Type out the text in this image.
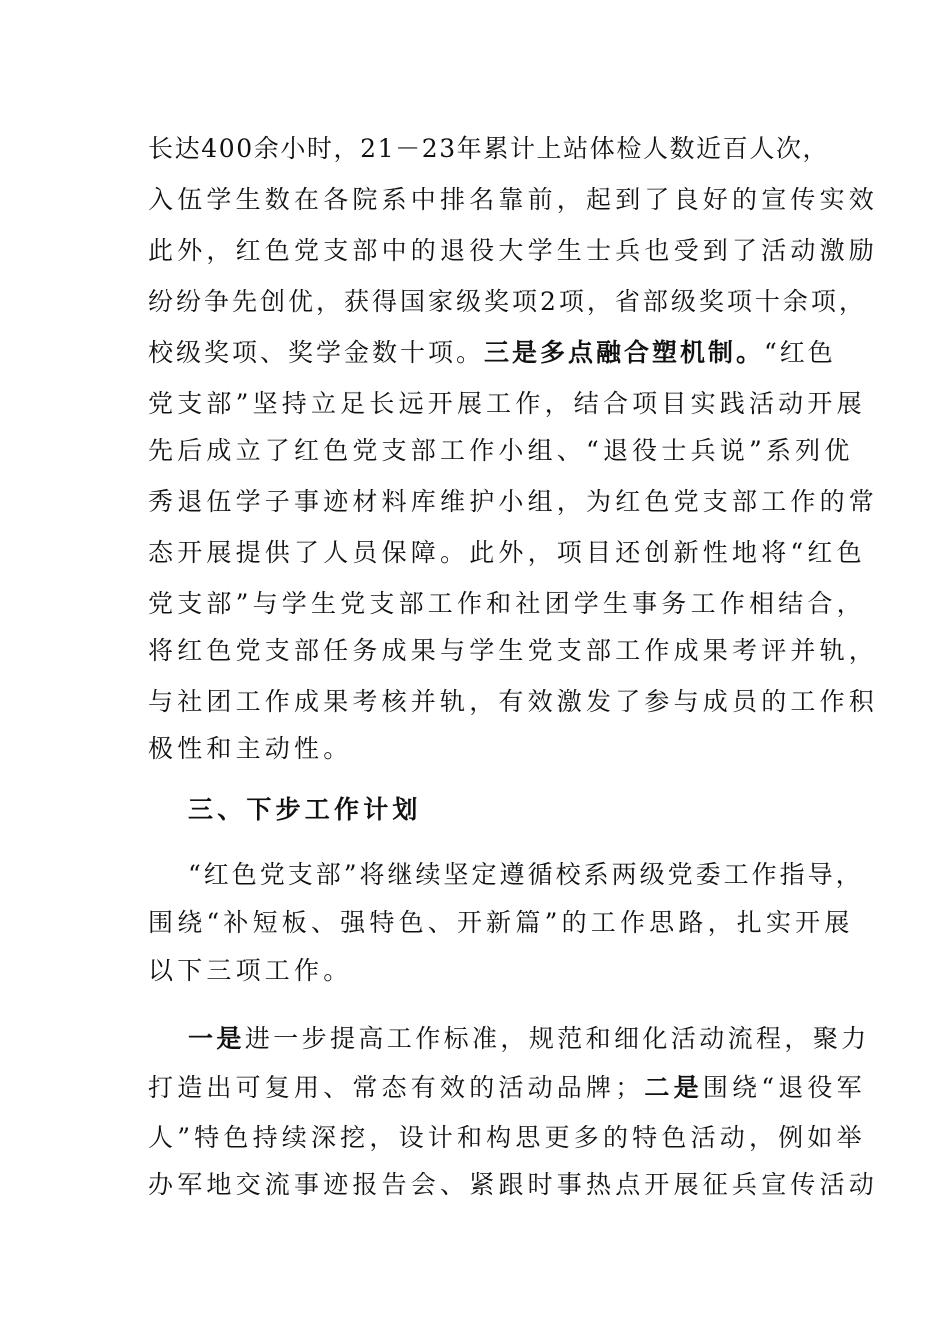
长达400余小时，21－23年累计上站体检人数近百人次，
入伍学生数在各院系中排名靠前，起到了良好的宣传实效
此外，红色党支部中的退役大学生士兵也受到了活动激励
纷纷争先创优，获得国家级奖项2项，省部级奖项十余项，
校级奖项、奖学金数十项。三是多点融合塑机制。“红色
党支部”坚持立足长远开展工作，结合项目实践活动开展
先后成立了红色党支部工作小组、“退役士兵说”系列优
秀退伍学子事迹材料库维护小组，为红色党支部工作的常
态开展提供了人员保障。此外，项目还创新性地将“红色
党支部”与学生党支部工作和社团学生事务工作相结合，
将红色党支部任务成果与学生党支部工作成果考评并轨，
与社团工作成果考核并轨，有效激发了参与成员的工作积
极性和主动性。
三、下步工作计划
“红色党支部”将继续坚定遵循校系两级党委工作指导，
围绕“补短板、强特色、开新篇”的工作思路，扎实开展
以下三项工作。
一是进一步提高工作标准，规范和细化活动流程，聚力
打造出可复用、常态有效的活动品牌；二是围绕“退役军
人”特色持续深挖，设计和构思更多的特色活动，例如举
办军地交流事迹报告会、紧跟时事热点开展征兵宣传活动
